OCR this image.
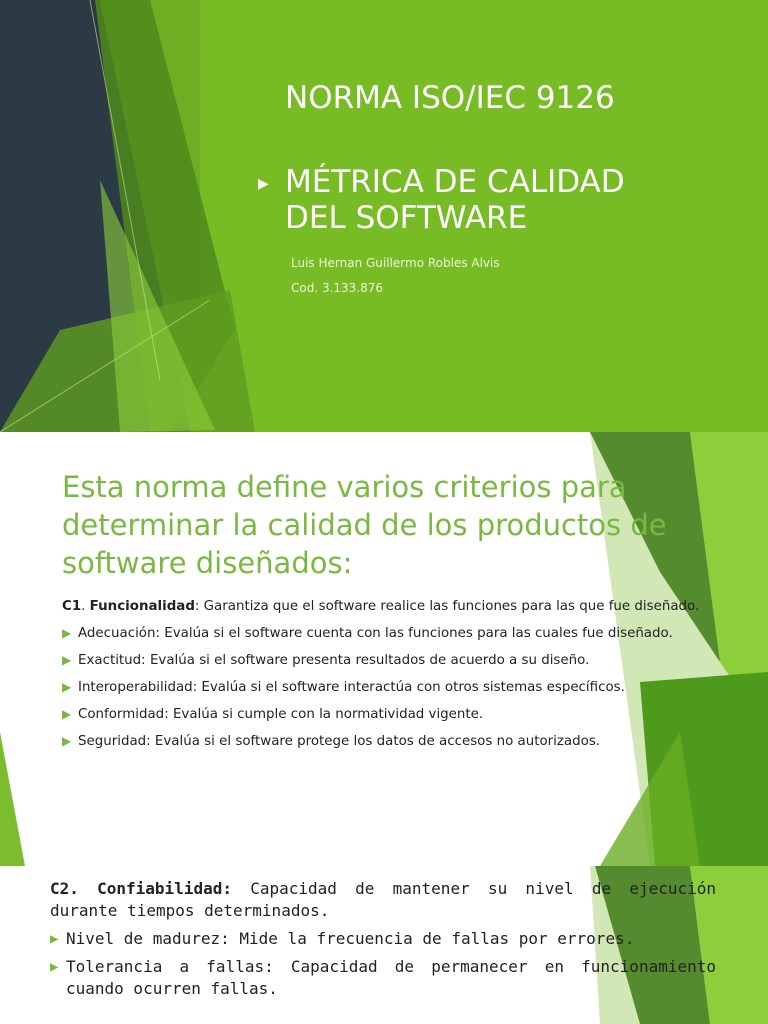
NORMA ISO/IEC 9126
MÉTRICA DE CALIDAD
DEL SOFTWARE
▶
Luis Hernan Guillermo Robles Alvis
Cod. 3.133.876
Esta norma define varios criterios para determinar la calidad de los productos de software diseñados:

C1. Funcionalidad: Garantiza que el software realice las funciones para las que fue diseñado.

▶ Adecuación: Evalúa si el software cuenta con las funciones para las cuales fue diseñado.
▶ Exactitud: Evalúa si el software presenta resultados de acuerdo a su diseño.
▶ Interoperabilidad: Evalúa si el software interactúa con otros sistemas específicos.
▶ Conformidad: Evalúa si cumple con la normatividad vigente.
▶ Seguridad: Evalúa si el software protege los datos de accesos no autorizados.

C2. Confiabilidad: Capacidad de mantener su nivel de ejecución durante tiempos determinados.

▶ Nivel de madurez: Mide la frecuencia de fallas por errores.
▶ Tolerancia a fallas: Capacidad de permanecer en funcionamiento cuando ocurren fallas.
